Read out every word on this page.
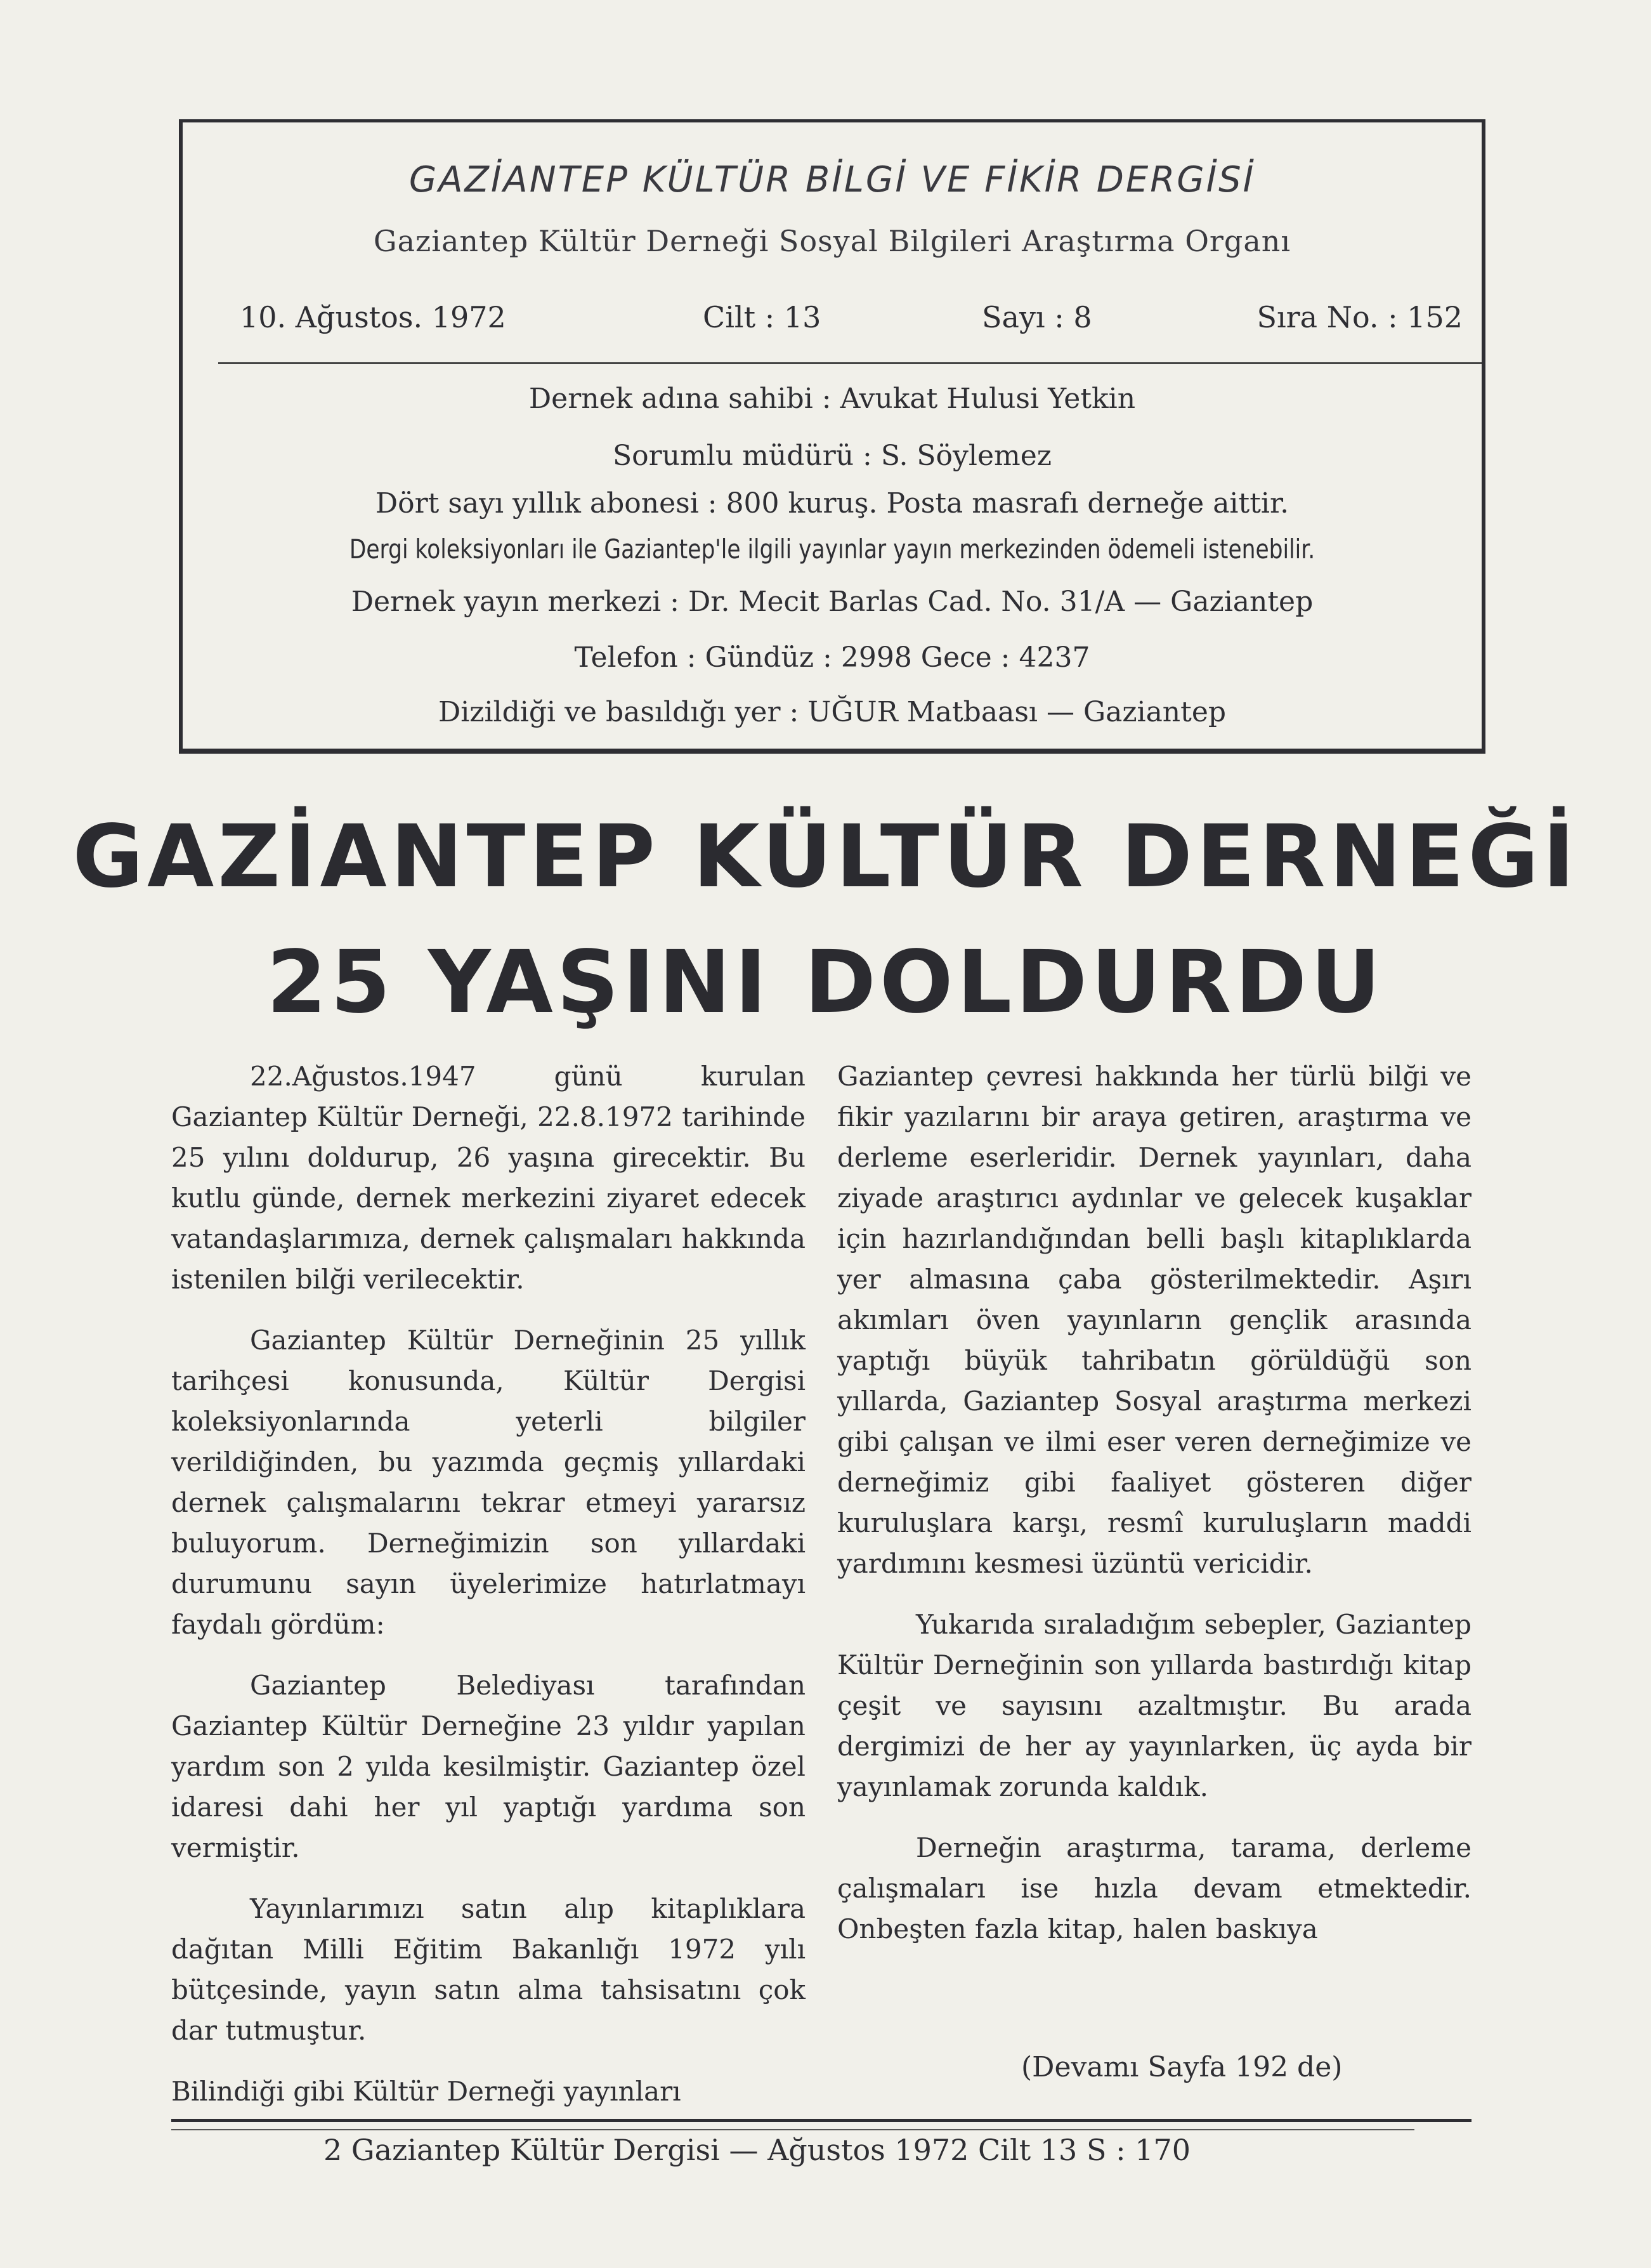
GAZİANTEP KÜLTÜR BİLGİ VE FİKİR DERGİSİ
Gaziantep Kültür Derneği Sosyal Bilgileri Araştırma Organı
10. Ağustos. 1972	Cilt : 13	Sayı : 8	Sıra No. : 152
Dernek adına sahibi : Avukat Hulusi Yetkin
Sorumlu müdürü : S. Söylemez
Dört sayı yıllık abonesi : 800 kuruş. Posta masrafı derneğe aittir.
Dergi koleksiyonları ile Gaziantep'le ilgili yayınlar yayın merkezinden ödemeli istenebilir.
Dernek yayın merkezi : Dr. Mecit Barlas Cad. No. 31/A — Gaziantep
Telefon : Gündüz : 2998 Gece : 4237
Dizildiği ve basıldığı yer : UĞUR Matbaası — Gaziantep
GAZİANTEP KÜLTÜR DERNEĞİ
25 YAŞINI DOLDURDU

22.Ağustos.1947 günü kurulan Gaziantep Kültür Derneği, 22.8.1972 tarihinde 25 yılını doldurup, 26 yaşına girecektir. Bu kutlu günde, dernek merkezini ziyaret edecek vatandaşlarımıza, dernek çalışmaları hakkında istenilen bilği verilecektir.

Gaziantep Kültür Derneğinin 25 yıllık tarihçesi konusunda, Kültür Dergisi koleksiyonlarında yeterli bilgiler verildiğinden, bu yazımda geçmiş yıllardaki dernek çalışmalarını tekrar etmeyi yararsız buluyorum. Derneğimizin son yıllardaki durumunu sayın üyelerimize hatırlatmayı faydalı gördüm:

Gaziantep Belediyası tarafından Gaziantep Kültür Derneğine 23 yıldır yapılan yardım son 2 yılda kesilmiştir. Gaziantep özel idaresi dahi her yıl yaptığı yardıma son vermiştir.

Yayınlarımızı satın alıp kitaplıklara dağıtan Milli Eğitim Bakanlığı 1972 yılı bütçesinde, yayın satın alma tahsisatını çok dar tutmuştur.

Bilindiği gibi Kültür Derneği yayınları

Gaziantep çevresi hakkında her türlü bilği ve fikir yazılarını bir araya getiren, araştırma ve derleme eserleridir. Dernek yayınları, daha ziyade araştırıcı aydınlar ve gelecek kuşaklar için hazırlandığından belli başlı kitaplıklarda yer almasına çaba gösterilmektedir. Aşırı akımları öven yayınların gençlik arasında yaptığı büyük tahribatın görüldüğü son yıllarda, Gaziantep Sosyal araştırma merkezi gibi çalışan ve ilmi eser veren derneğimize ve derneğimiz gibi faaliyet gösteren diğer kuruluşlara karşı, resmî kuruluşların maddi yardımını kesmesi üzüntü vericidir.

Yukarıda sıraladığım sebepler, Gaziantep Kültür Derneğinin son yıllarda bastırdığı kitap çeşit ve sayısını azaltmıştır. Bu arada dergimizi de her ay yayınlarken, üç ayda bir yayınlamak zorunda kaldık.

Derneğin araştırma, tarama, derleme çalışmaları ise hızla devam etmektedir. Onbeşten fazla kitap, halen baskıya

(Devamı Sayfa 192 de)
2 Gaziantep Kültür Dergisi — Ağustos 1972 Cilt 13 S : 170
